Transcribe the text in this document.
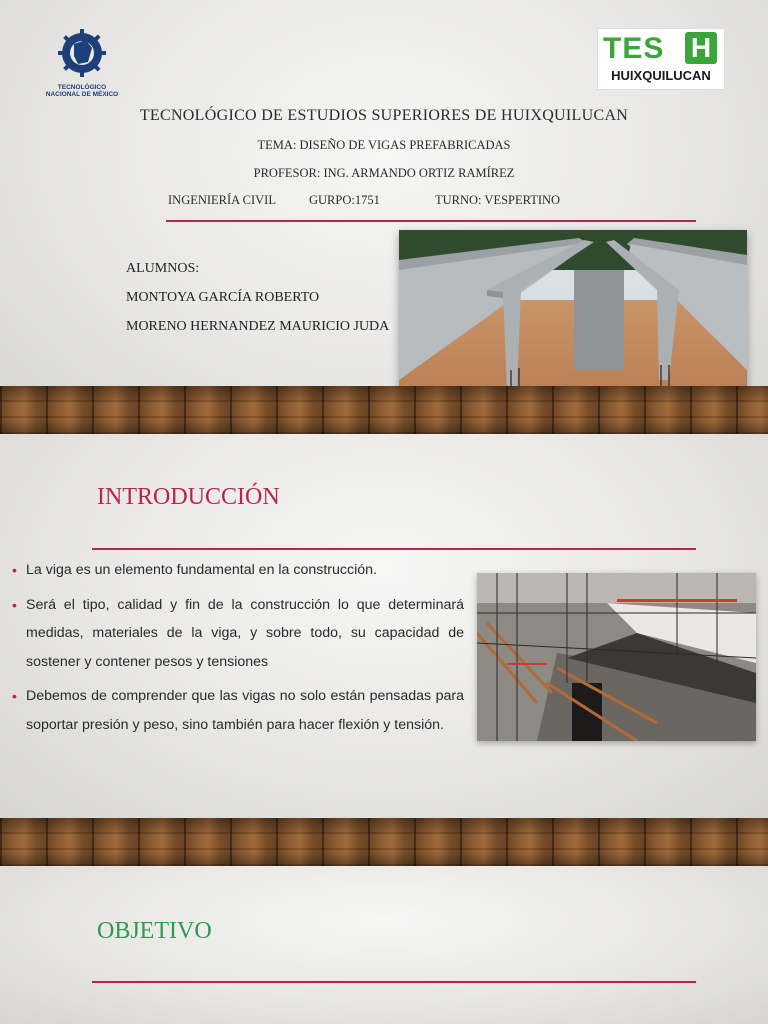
TECNOLÓGICO
NACIONAL DE MÉXICO
TES H
HUIXQUILUCAN
TECNOLÓGICO DE ESTUDIOS SUPERIORES DE HUIXQUILUCAN
TEMA: DISEÑO DE VIGAS PREFABRICADAS
PROFESOR: ING. ARMANDO ORTIZ RAMÍREZ
INGENIERÍA CIVIL	GURPO:1751	TURNO: VESPERTINO
ALUMNOS:
MONTOYA GARCÍA ROBERTO
MORENO HERNANDEZ MAURICIO JUDA
INTRODUCCIÓN
• La viga es un elemento fundamental en la construcción.
• Será el tipo, calidad y fin de la construcción lo que determinará medidas, materiales de la viga, y sobre todo, su capacidad de sostener y contener pesos y tensiones
• Debemos de comprender que las vigas no solo están pensadas para soportar presión y peso, sino también para hacer flexión y tensión.
OBJETIVO
